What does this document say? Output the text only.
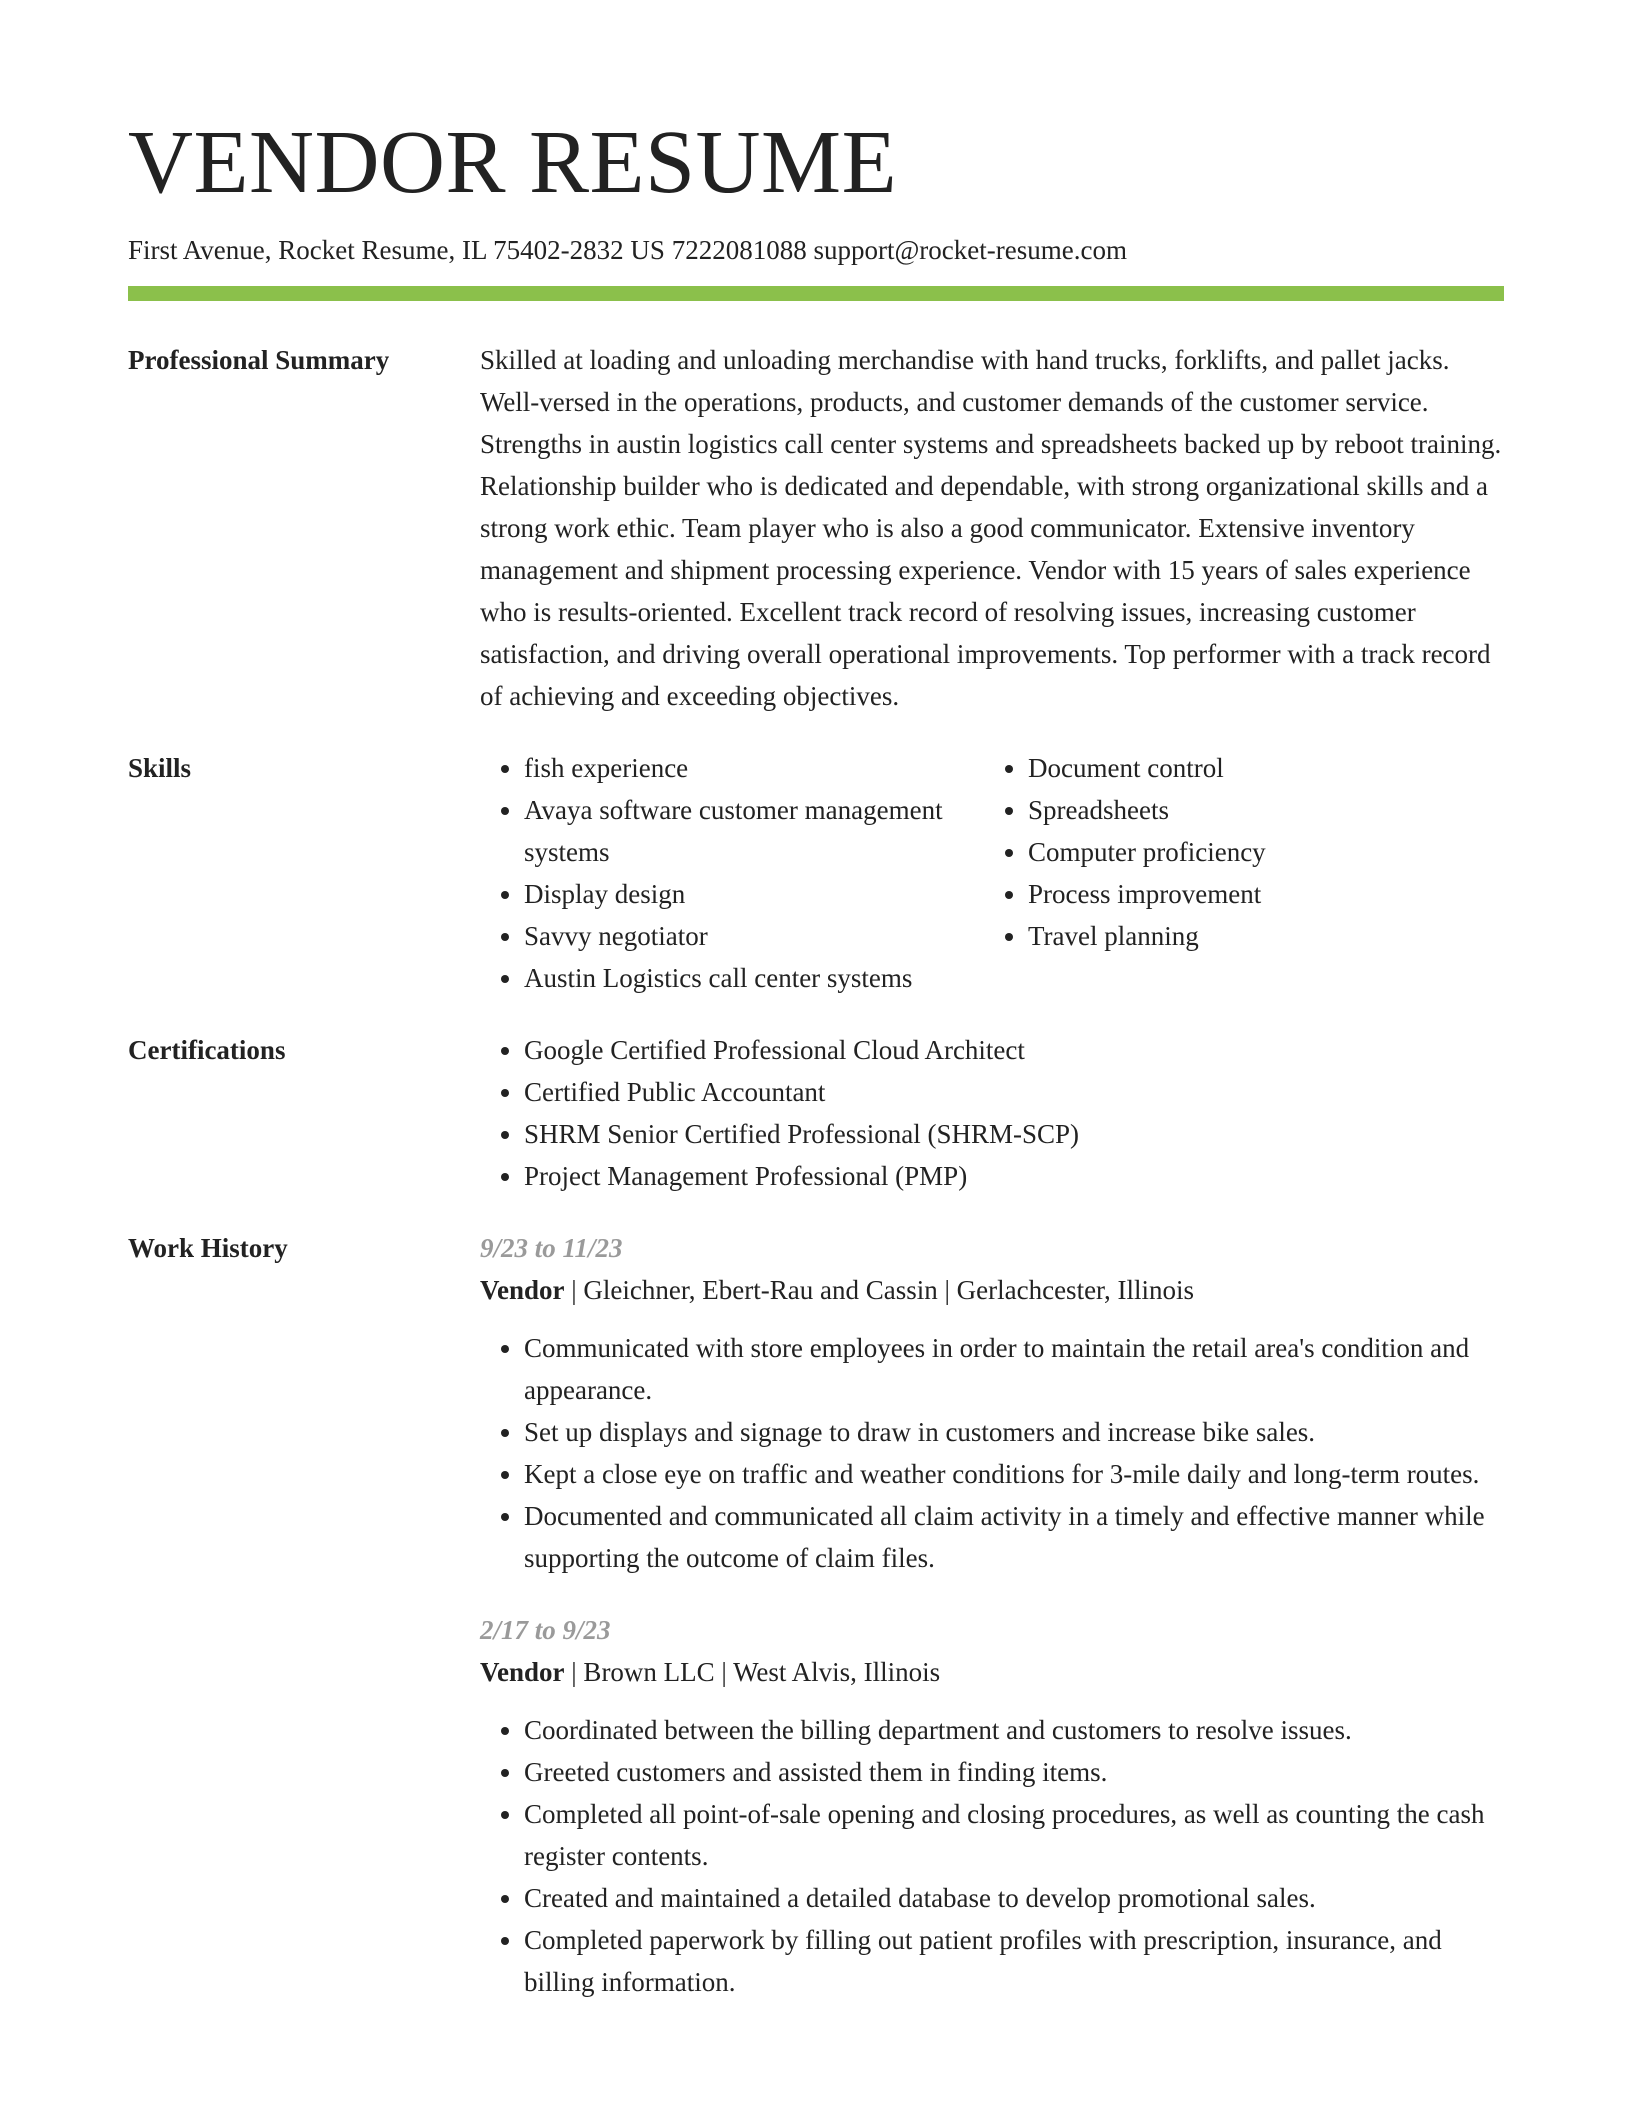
VENDOR RESUME
First Avenue, Rocket Resume, IL 75402-2832 US 7222081088 support@rocket-resume.com
Professional Summary	Skilled at loading and unloading merchandise with hand trucks, forklifts, and pallet jacks. Well-versed in the operations, products, and customer demands of the customer service. Strengths in austin logistics call center systems and spreadsheets backed up by reboot training. Relationship builder who is dedicated and dependable, with strong organizational skills and a strong work ethic. Team player who is also a good communicator. Extensive inventory management and shipment processing experience. Vendor with 15 years of sales experience who is results-oriented. Excellent track record of resolving issues, increasing customer satisfaction, and driving overall operational improvements. Top performer with a track record of achieving and exceeding objectives.

Skills	• fish experience
• Avaya software customer management systems
• Display design
• Savvy negotiator
• Austin Logistics call center systems
• Document control
• Spreadsheets
• Computer proficiency
• Process improvement
• Travel planning
Certifications	• Google Certified Professional Cloud Architect
• Certified Public Accountant
• SHRM Senior Certified Professional (SHRM-SCP)
• Project Management Professional (PMP)
Work History	9/23 to 11/23
Vendor | Gleichner, Ebert-Rau and Cassin | Gerlachcester, Illinois
• Communicated with store employees in order to maintain the retail area's condition and appearance.
• Set up displays and signage to draw in customers and increase bike sales.
• Kept a close eye on traffic and weather conditions for 3-mile daily and long-term routes.
• Documented and communicated all claim activity in a timely and effective manner while supporting the outcome of claim files.
2/17 to 9/23
Vendor | Brown LLC | West Alvis, Illinois
• Coordinated between the billing department and customers to resolve issues.
• Greeted customers and assisted them in finding items.
• Completed all point-of-sale opening and closing procedures, as well as counting the cash register contents.
• Created and maintained a detailed database to develop promotional sales.
• Completed paperwork by filling out patient profiles with prescription, insurance, and billing information.
